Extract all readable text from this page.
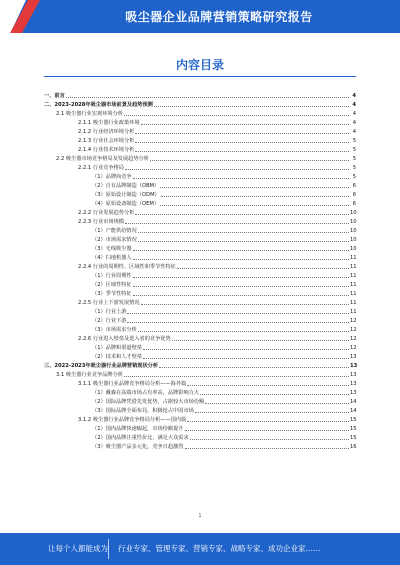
吸尘器企业品牌营销策略研究报告
内容目录
一、前言	4
二、2023-2028年吸尘器市场前景及趋势预测	4
2.1 吸尘器行业宏观环境分析	4
2.1.1 吸尘器行业政策环境	4
2.1.2 行业经济环境分析	4
2.1.3 行业社会环境分析	5
2.1.4 行业技术环境分析	5
2.2 吸尘器市场竞争格局及发展趋势分析	5
2.2.1 行业竞争格局	5
（1）品牌商竞争	5
（2）自有品牌制造（OBM）	6
（3）原始设计制造（ODM）	6
（4）原始设备制造（OEM）	6
2.2.2 行业发展趋势分析	10
2.2.3 行业市场规模	10
（1）产能供给情况	10
（2）市场需求情况	10
（3）无线吸尘器	10
（4）扫地机器人	11
2.2.4 行业的周期性、区域性和季节性特征	11
（1）行业周期性	11
（2）区域性特征	11
（3）季节性特征	11
2.2.5 行业上下游发展情况	11
（1）行业上游	11
（2）行业下游	12
（3）市场需求分析	12
2.2.6 行业进入壁垒及进入者的竞争优势	12
（1）品牌和渠道壁垒	12
（2）技术和人才壁垒	13
三、2022-2023年吸尘器行业品牌营销现状分析	13
3.1 吸尘器行业竞争品牌分析	13
3.1.1 吸尘器行业品牌竞争格局分析——海外篇	13
（1）戴森在高端市场占有率高，品牌影响力大	13
（2）国际品牌凭借先发优势，占据较大市场份额	14
（3）国际品牌全面布局，积极抢占中国市场	14
3.1.2 吸尘器行业品牌竞争格局分析——国内篇	15
（1）国内品牌快速崛起，市场份额提升	15
（2）国内品牌注重性价比，满足大众需求	15
（3）吸尘器产品多元化，竞争日趋激烈	16
1
让每个人都能成为 行业专家、管理专家、营销专家、战略专家、成功企业家……
